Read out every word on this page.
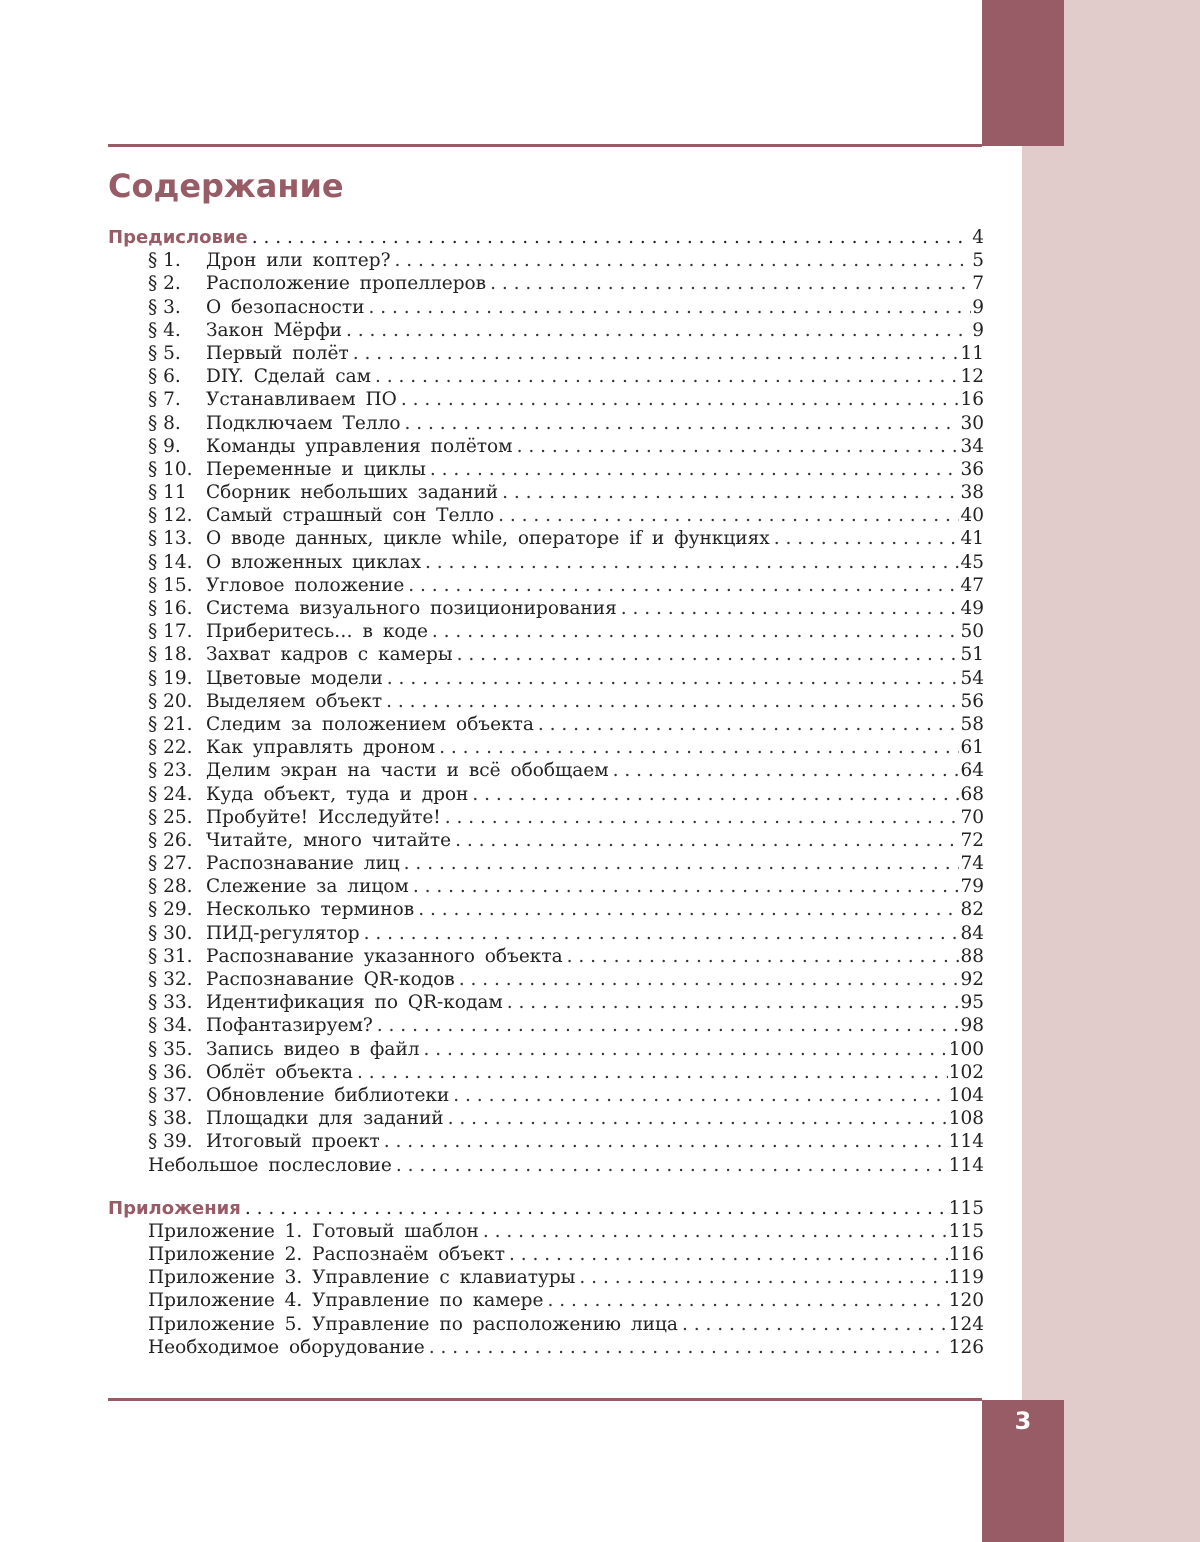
Содержание
Предисловие . . .	4
§ 1.	Дрон или коптер? . . .	5
§ 2.	Расположение пропеллеров . . .	7
§ 3.	О безопасности . . .	9
§ 4.	Закон Мёрфи . . .	9
§ 5.	Первый полёт . . .	11
§ 6.	DIY. Сделай сам . . .	12
§ 7.	Устанавливаем ПО . . .	16
§ 8.	Подключаем Телло . . .	30
§ 9.	Команды управления полётом . . .	34
§ 10. Переменные и циклы . . .	36
§ 11	Сборник небольших заданий . . .	38
§ 12. Самый страшный сон Телло . . .	40
§ 13. О вводе данных, цикле while, операторе if и функциях . . .	41
§ 14. О вложенных циклах . . .	45
§ 15. Угловое положение . . .	47
§ 16. Система визуального позиционирования . . .	49
§ 17. Приберитесь… в коде . . .	50
§ 18. Захват кадров с камеры . . .	51
§ 19. Цветовые модели . . .	54
§ 20. Выделяем объект . . .	56
§ 21. Следим за положением объекта . . .	58
§ 22. Как управлять дроном . . .	61
§ 23. Делим экран на части и всё обобщаем . . .	64
§ 24. Куда объект, туда и дрон . . .	68
§ 25. Пробуйте! Исследуйте! . . .	70
§ 26. Читайте, много читайте . . .	72
§ 27. Распознавание лиц . . .	74
§ 28. Слежение за лицом . . .	79
§ 29. Несколько терминов . . .	82
§ 30. ПИД-регулятор . . .	84
§ 31. Распознавание указанного объекта . . .	88
§ 32. Распознавание QR-кодов . . .	92
§ 33. Идентификация по QR-кодам . . .	95
§ 34. Пофантазируем? . . .	98
§ 35. Запись видео в файл . . .	100
§ 36. Облёт объекта . . .	102
§ 37. Обновление библиотеки . . .	104
§ 38. Площадки для заданий . . .	108
§ 39. Итоговый проект . . .	114
Небольшое послесловие . . .	114
Приложения . . .	115
Приложение 1. Готовый шаблон . . .	115
Приложение 2. Распознаём объект . . .	116
Приложение 3. Управление с клавиатуры . . .	119
Приложение 4. Управление по камере . . .	120
Приложение 5. Управление по расположению лица . . .	124
Необходимое оборудование . . .	126
3
